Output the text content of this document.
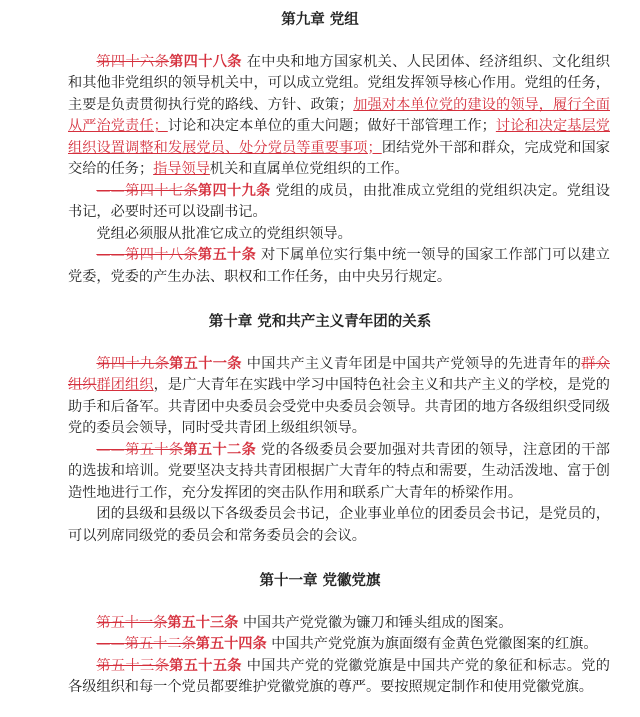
第九章 党组

第四十六条第四十八条 在中央和地方国家机关、人民团体、经济组织、文化组织和其他非党组织的领导机关中，可以成立党组。党组发挥领导核心作用。党组的任务，主要是负责贯彻执行党的路线、方针、政策；加强对本单位党的建设的领导，履行全面从严治党责任；讨论和决定本单位的重大问题；做好干部管理工作；讨论和决定基层党组织设置调整和发展党员、处分党员等重要事项；团结党外干部和群众，完成党和国家交给的任务；指导领导机关和直属单位党组织的工作。

——第四十七条第四十九条 党组的成员，由批准成立党组的党组织决定。党组设书记，必要时还可以设副书记。

党组必须服从批准它成立的党组织领导。

——第四十八条第五十条 对下属单位实行集中统一领导的国家工作部门可以建立党委，党委的产生办法、职权和工作任务，由中央另行规定。

第十章 党和共产主义青年团的关系

第四十九条第五十一条 中国共产主义青年团是中国共产党领导的先进青年的群众组织群团组织，是广大青年在实践中学习中国特色社会主义和共产主义的学校，是党的助手和后备军。共青团中央委员会受党中央委员会领导。共青团的地方各级组织受同级党的委员会领导，同时受共青团上级组织领导。

——第五十条第五十二条 党的各级委员会要加强对共青团的领导，注意团的干部的选拔和培训。党要坚决支持共青团根据广大青年的特点和需要，生动活泼地、富于创造性地进行工作，充分发挥团的突击队作用和联系广大青年的桥梁作用。

团的县级和县级以下各级委员会书记，企业事业单位的团委员会书记，是党员的，可以列席同级党的委员会和常务委员会的会议。

第十一章 党徽党旗

第五十一条第五十三条 中国共产党党徽为镰刀和锤头组成的图案。

——第五十二条第五十四条 中国共产党党旗为旗面缀有金黄色党徽图案的红旗。

第五十三条第五十五条 中国共产党的党徽党旗是中国共产党的象征和标志。党的各级组织和每一个党员都要维护党徽党旗的尊严。要按照规定制作和使用党徽党旗。
